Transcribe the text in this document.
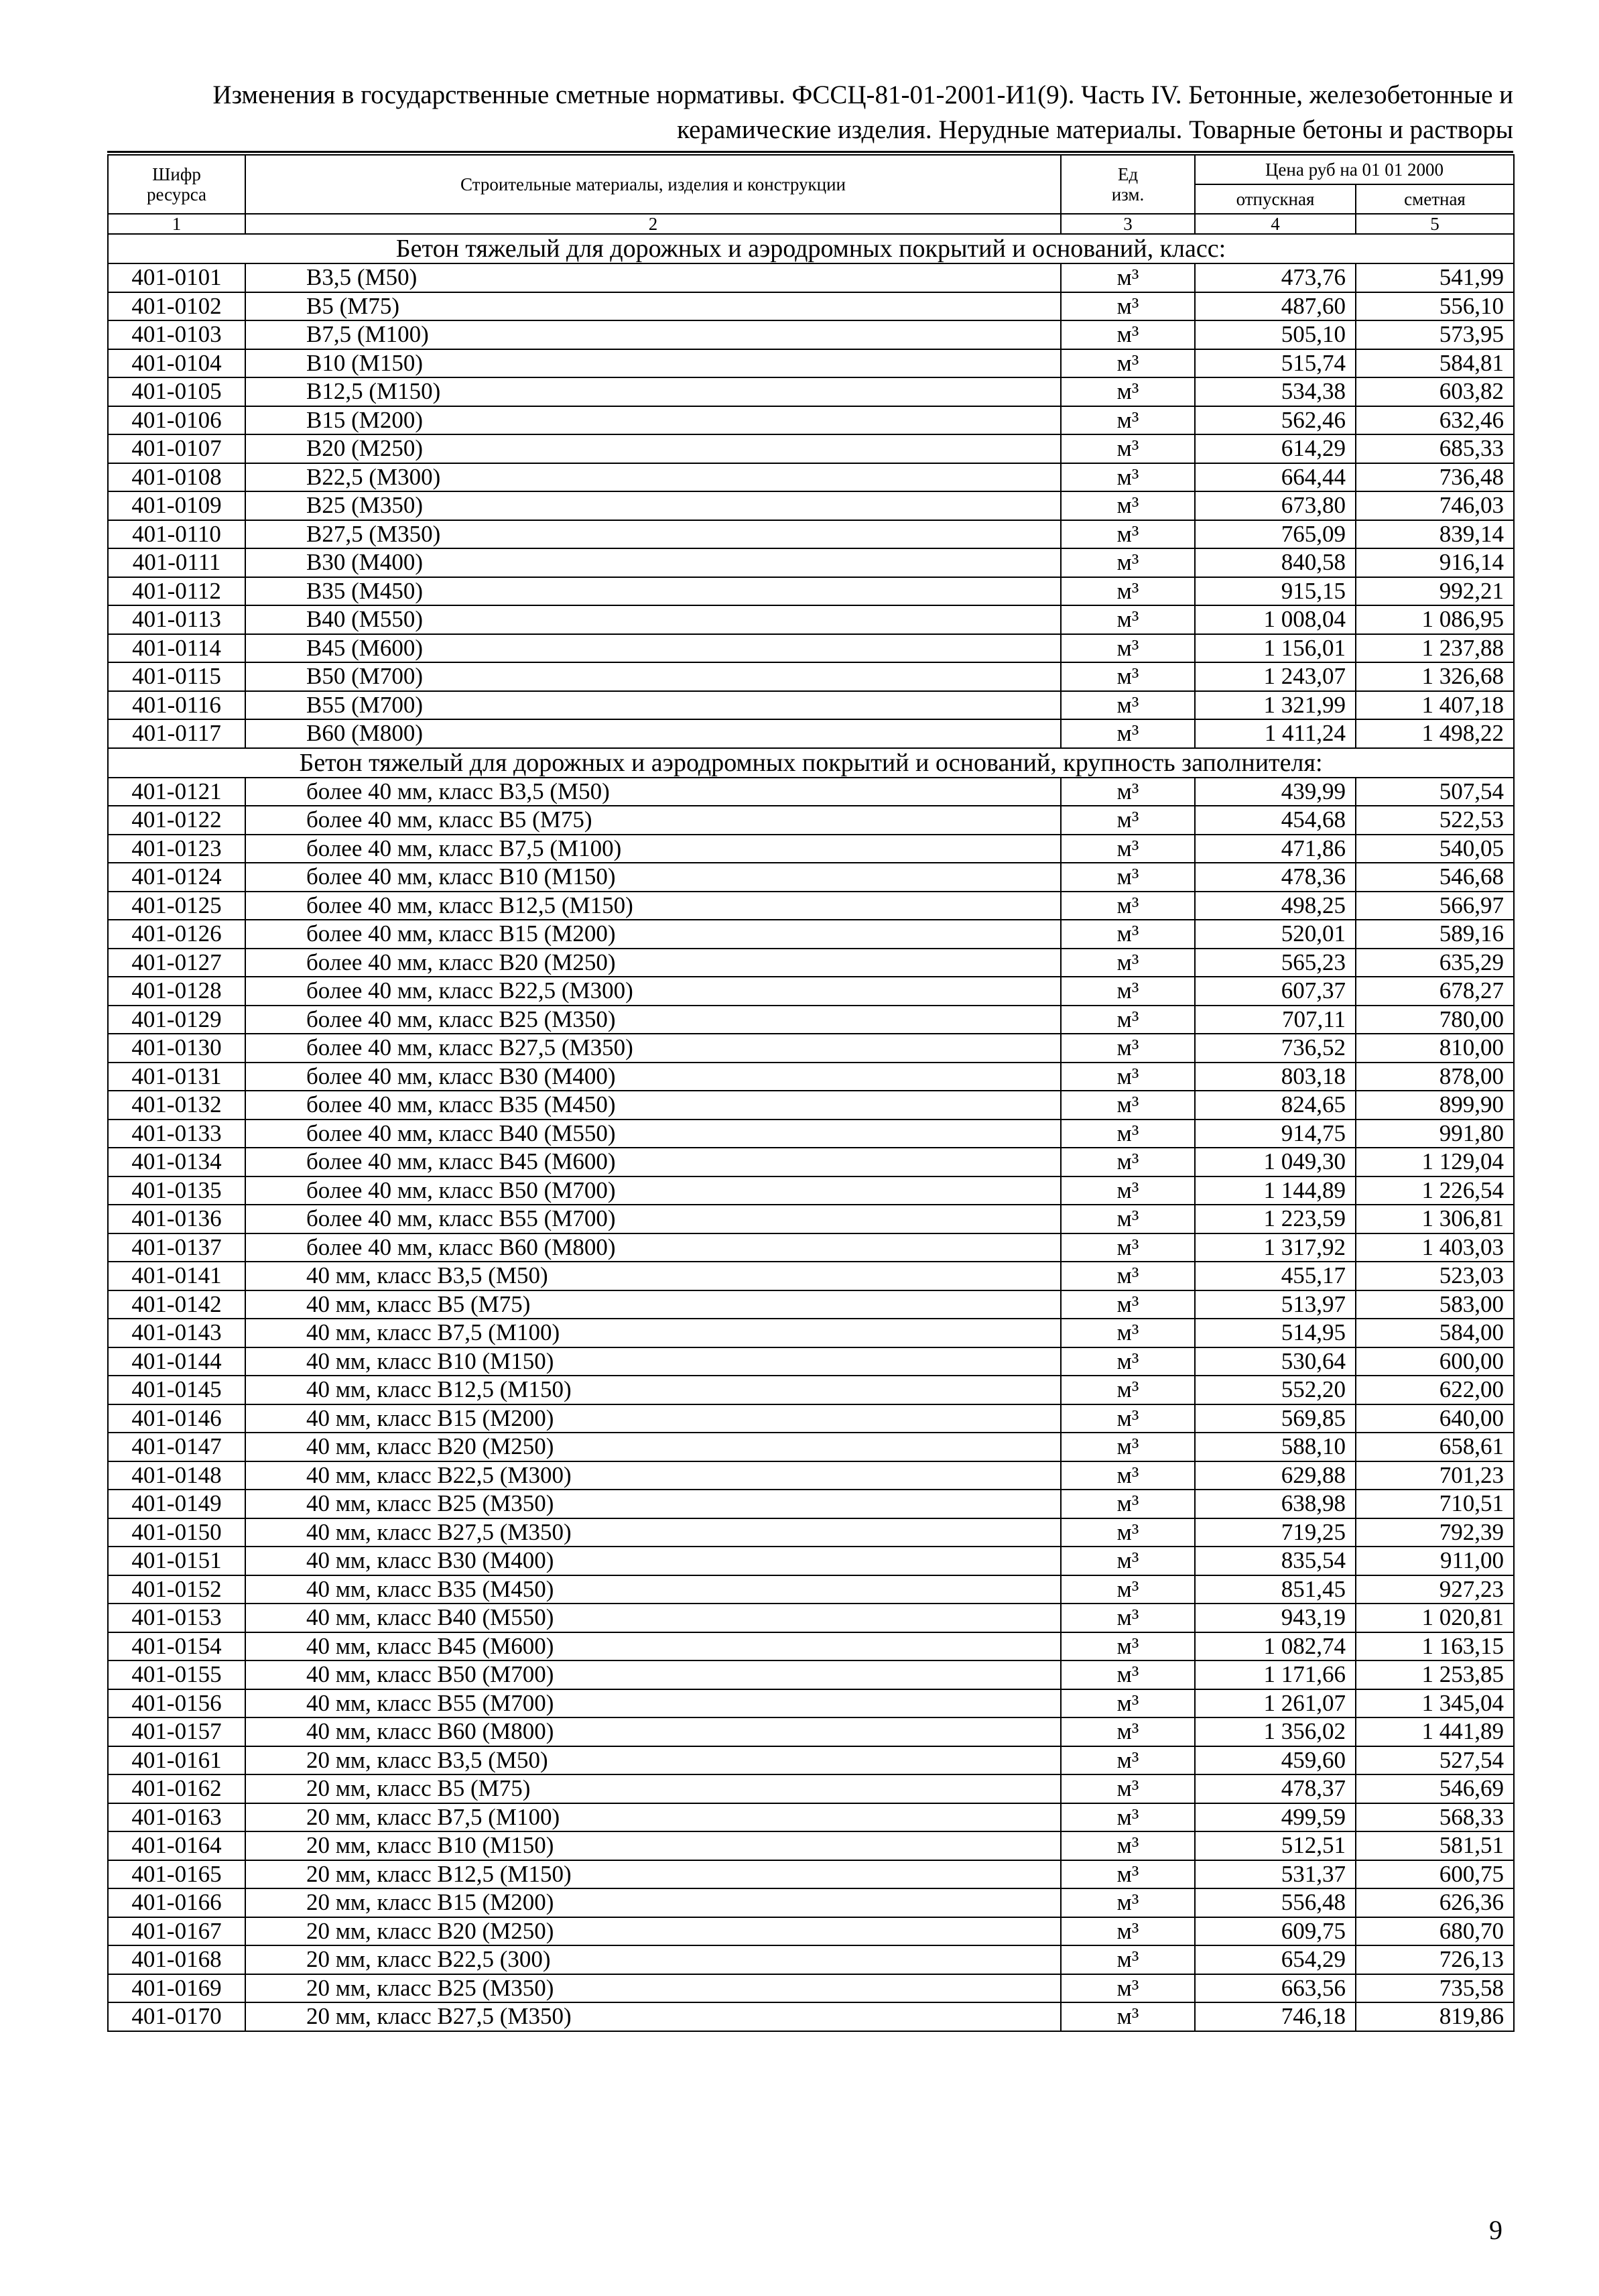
Изменения в государственные сметные нормативы. ФССЦ-81-01-2001-И1(9). Часть IV. Бетонные, железобетонные и
керамические изделия. Нерудные материалы. Товарные бетоны и растворы
Шифр ресурса	Строительные материалы, изделия и конструкции	Ед изм.	Цена руб на 01 01 2000	
			отпускная	сметная
1	2	3	4	5
Бетон тяжелый для дорожных и аэродромных покрытий и оснований, класс:				
401-0101	В3,5 (М50)	м³	473,76	541,99
401-0102	В5 (М75)	м³	487,60	556,10
401-0103	В7,5 (М100)	м³	505,10	573,95
401-0104	В10 (М150)	м³	515,74	584,81
401-0105	В12,5 (М150)	м³	534,38	603,82
401-0106	В15 (М200)	м³	562,46	632,46
401-0107	В20 (М250)	м³	614,29	685,33
401-0108	В22,5 (М300)	м³	664,44	736,48
401-0109	В25 (М350)	м³	673,80	746,03
401-0110	В27,5 (М350)	м³	765,09	839,14
401-0111	В30 (М400)	м³	840,58	916,14
401-0112	В35 (М450)	м³	915,15	992,21
401-0113	В40 (М550)	м³	1 008,04	1 086,95
401-0114	В45 (М600)	м³	1 156,01	1 237,88
401-0115	В50 (М700)	м³	1 243,07	1 326,68
401-0116	В55 (М700)	м³	1 321,99	1 407,18
401-0117	В60 (М800)	м³	1 411,24	1 498,22
Бетон тяжелый для дорожных и аэродромных покрытий и оснований, крупность заполнителя:				
401-0121	более 40 мм, класс В3,5 (М50)	м³	439,99	507,54
401-0122	более 40 мм, класс В5 (М75)	м³	454,68	522,53
401-0123	более 40 мм, класс В7,5 (М100)	м³	471,86	540,05
401-0124	более 40 мм, класс В10 (М150)	м³	478,36	546,68
401-0125	более 40 мм, класс В12,5 (М150)	м³	498,25	566,97
401-0126	более 40 мм, класс В15 (М200)	м³	520,01	589,16
401-0127	более 40 мм, класс В20 (М250)	м³	565,23	635,29
401-0128	более 40 мм, класс В22,5 (М300)	м³	607,37	678,27
401-0129	более 40 мм, класс В25 (М350)	м³	707,11	780,00
401-0130	более 40 мм, класс В27,5 (М350)	м³	736,52	810,00
401-0131	более 40 мм, класс В30 (М400)	м³	803,18	878,00
401-0132	более 40 мм, класс В35 (М450)	м³	824,65	899,90
401-0133	более 40 мм, класс В40 (М550)	м³	914,75	991,80
401-0134	более 40 мм, класс В45 (М600)	м³	1 049,30	1 129,04
401-0135	более 40 мм, класс В50 (М700)	м³	1 144,89	1 226,54
401-0136	более 40 мм, класс В55 (М700)	м³	1 223,59	1 306,81
401-0137	более 40 мм, класс В60 (М800)	м³	1 317,92	1 403,03
401-0141	40 мм, класс В3,5 (М50)	м³	455,17	523,03
401-0142	40 мм, класс В5 (М75)	м³	513,97	583,00
401-0143	40 мм, класс В7,5 (М100)	м³	514,95	584,00
401-0144	40 мм, класс В10 (М150)	м³	530,64	600,00
401-0145	40 мм, класс В12,5 (М150)	м³	552,20	622,00
401-0146	40 мм, класс В15 (М200)	м³	569,85	640,00
401-0147	40 мм, класс В20 (М250)	м³	588,10	658,61
401-0148	40 мм, класс В22,5 (М300)	м³	629,88	701,23
401-0149	40 мм, класс В25 (М350)	м³	638,98	710,51
401-0150	40 мм, класс В27,5 (М350)	м³	719,25	792,39
401-0151	40 мм, класс В30 (М400)	м³	835,54	911,00
401-0152	40 мм, класс В35 (М450)	м³	851,45	927,23
401-0153	40 мм, класс В40 (М550)	м³	943,19	1 020,81
401-0154	40 мм, класс В45 (М600)	м³	1 082,74	1 163,15
401-0155	40 мм, класс В50 (М700)	м³	1 171,66	1 253,85
401-0156	40 мм, класс В55 (М700)	м³	1 261,07	1 345,04
401-0157	40 мм, класс В60 (М800)	м³	1 356,02	1 441,89
401-0161	20 мм, класс В3,5 (М50)	м³	459,60	527,54
401-0162	20 мм, класс В5 (М75)	м³	478,37	546,69
401-0163	20 мм, класс В7,5 (М100)	м³	499,59	568,33
401-0164	20 мм, класс В10 (М150)	м³	512,51	581,51
401-0165	20 мм, класс В12,5 (М150)	м³	531,37	600,75
401-0166	20 мм, класс В15 (М200)	м³	556,48	626,36
401-0167	20 мм, класс В20 (М250)	м³	609,75	680,70
401-0168	20 мм, класс В22,5 (300)	м³	654,29	726,13
401-0169	20 мм, класс В25 (М350)	м³	663,56	735,58
401-0170	20 мм, класс В27,5 (М350)	м³	746,18	819,86
9
